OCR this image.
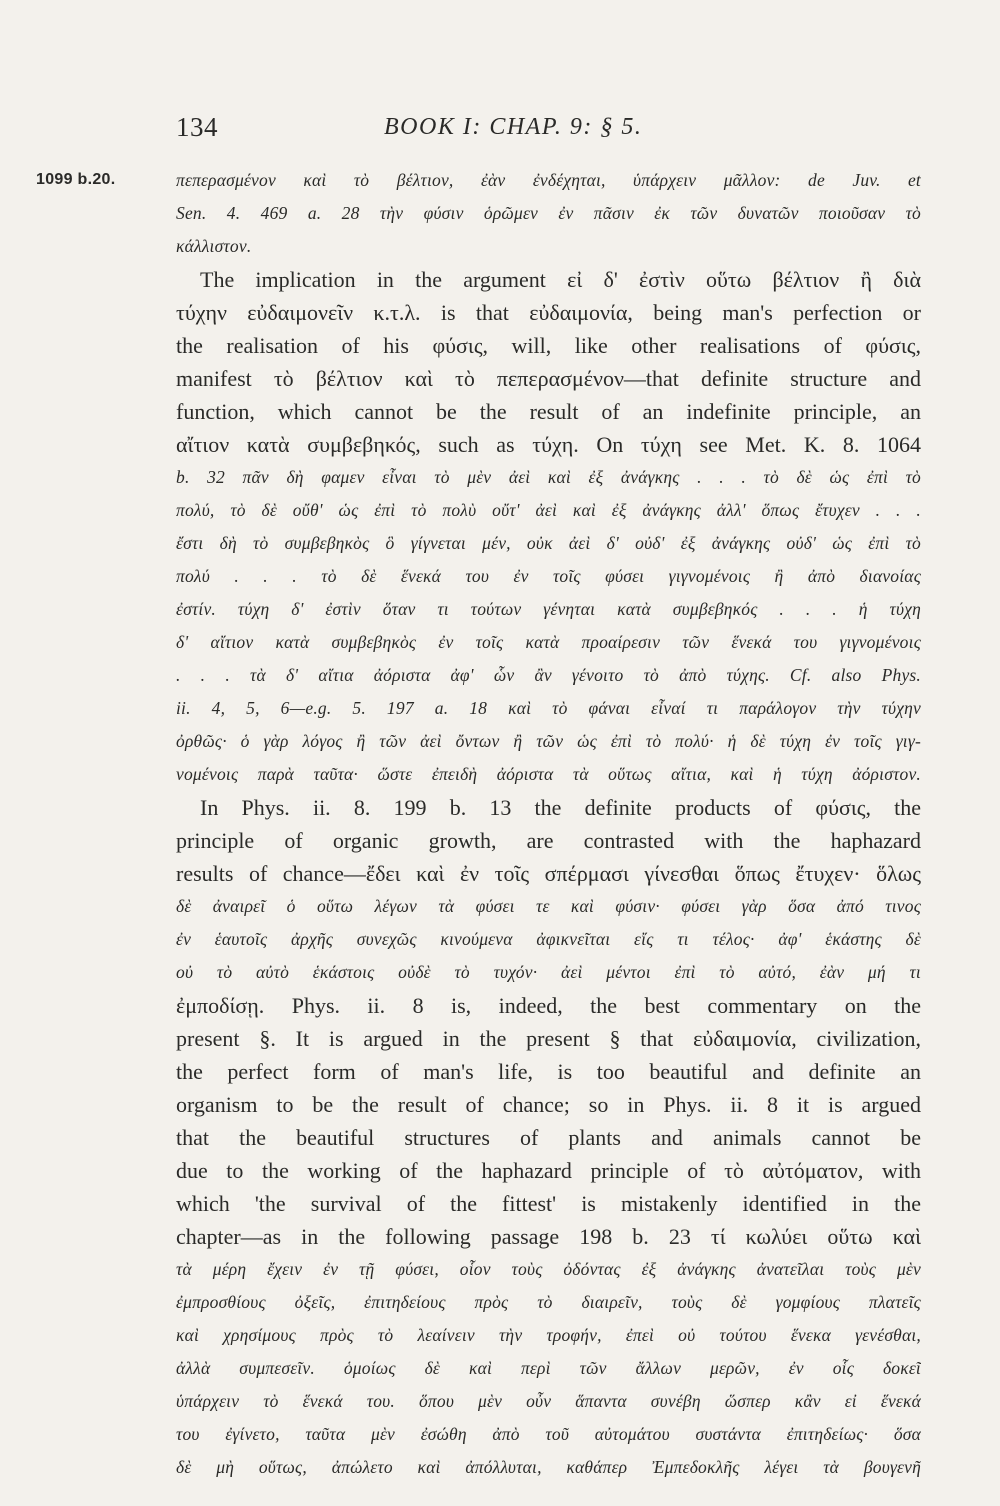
134	BOOK I: CHAP. 9: § 5.
1099 b.20.	πεπερασμένον καὶ τὸ βέλτιον, ἐὰν ἐνδέχηται, ὑπάρχειν μᾶλλον: de Juv. et
Sen. 4. 469 a. 28 τὴν φύσιν ὁρῶμεν ἐν πᾶσιν ἐκ τῶν δυνατῶν ποιοῦσαν τὸ
κάλλιστον.
The implication in the argument εἰ δ' ἐστὶν οὕτω βέλτιον ἢ διὰ
τύχην εὐδαιμονεῖν κ.τ.λ. is that εὐδαιμονία, being man's perfection or
the realisation of his φύσις, will, like other realisations of φύσις,
manifest τὸ βέλτιον καὶ τὸ πεπερασμένον—that definite structure and
function, which cannot be the result of an indefinite principle, an
αἴτιον κατὰ συμβεβηκός, such as τύχη. On τύχη see Met. K. 8. 1064
b. 32 πᾶν δὴ φαμεν εἶναι τὸ μὲν ἀεὶ καὶ ἐξ ἀνάγκης . . . τὸ δὲ ὡς ἐπὶ τὸ
πολύ, τὸ δὲ οὔθ' ὡς ἐπὶ τὸ πολὺ οὔτ' ἀεὶ καὶ ἐξ ἀνάγκης ἀλλ' ὅπως ἔτυχεν . . .
ἔστι δὴ τὸ συμβεβηκὸς ὃ γίγνεται μέν, οὐκ ἀεὶ δ' οὐδ' ἐξ ἀνάγκης οὐδ' ὡς ἐπὶ τὸ
πολύ . . . τὸ δὲ ἕνεκά του ἐν τοῖς φύσει γιγνομένοις ἢ ἀπὸ διανοίας
ἐστίν. τύχη δ' ἐστὶν ὅταν τι τούτων γένηται κατὰ συμβεβηκός . . . ἡ τύχη
δ' αἴτιον κατὰ συμβεβηκὸς ἐν τοῖς κατὰ προαίρεσιν τῶν ἕνεκά του γιγνομένοις
. . . τὰ δ' αἴτια ἀόριστα ἀφ' ὧν ἂν γένοιτο τὸ ἀπὸ τύχης. Cf. also Phys.
ii. 4, 5, 6—e.g. 5. 197 a. 18 καὶ τὸ φάναι εἶναί τι παράλογον τὴν τύχην
ὀρθῶς· ὁ γὰρ λόγος ἢ τῶν ἀεὶ ὄντων ἢ τῶν ὡς ἐπὶ τὸ πολύ· ἡ δὲ τύχη ἐν τοῖς γιγ-
νομένοις παρὰ ταῦτα· ὥστε ἐπειδὴ ἀόριστα τὰ οὕτως αἴτια, καὶ ἡ τύχη ἀόριστον.
In Phys. ii. 8. 199 b. 13 the definite products of φύσις, the
principle of organic growth, are contrasted with the haphazard
results of chance—ἔδει καὶ ἐν τοῖς σπέρμασι γίνεσθαι ὅπως ἔτυχεν· ὅλως
δὲ ἀναιρεῖ ὁ οὕτω λέγων τὰ φύσει τε καὶ φύσιν· φύσει γὰρ ὅσα ἀπό τινος
ἐν ἑαυτοῖς ἀρχῆς συνεχῶς κινούμενα ἀφικνεῖται εἴς τι τέλος· ἀφ' ἑκάστης δὲ
οὐ τὸ αὐτὸ ἑκάστοις οὐδὲ τὸ τυχόν· ἀεὶ μέντοι ἐπὶ τὸ αὐτό, ἐὰν μή τι
ἐμποδίσῃ. Phys. ii. 8 is, indeed, the best commentary on the
present §. It is argued in the present § that εὐδαιμονία, civilization,
the perfect form of man's life, is too beautiful and definite an
organism to be the result of chance; so in Phys. ii. 8 it is argued
that the beautiful structures of plants and animals cannot be
due to the working of the haphazard principle of τὸ αὐτόματον, with
which 'the survival of the fittest' is mistakenly identified in the
chapter—as in the following passage 198 b. 23 τί κωλύει οὕτω καὶ
τὰ μέρη ἔχειν ἐν τῇ φύσει, οἷον τοὺς ὀδόντας ἐξ ἀνάγκης ἀνατεῖλαι τοὺς μὲν
ἐμπροσθίους ὀξεῖς, ἐπιτηδείους πρὸς τὸ διαιρεῖν, τοὺς δὲ γομφίους πλατεῖς
καὶ χρησίμους πρὸς τὸ λεαίνειν τὴν τροφήν, ἐπεὶ οὐ τούτου ἕνεκα γενέσθαι,
ἀλλὰ συμπεσεῖν. ὁμοίως δὲ καὶ περὶ τῶν ἄλλων μερῶν, ἐν οἷς δοκεῖ
ὑπάρχειν τὸ ἕνεκά του. ὅπου μὲν οὖν ἅπαντα συνέβη ὥσπερ κἂν εἰ ἕνεκά
του ἐγίνετο, ταῦτα μὲν ἐσώθη ἀπὸ τοῦ αὐτομάτου συστάντα ἐπιτηδείως· ὅσα
δὲ μὴ οὕτως, ἀπώλετο καὶ ἀπόλλυται, καθάπερ Ἐμπεδοκλῆς λέγει τὰ βουγενῆ
